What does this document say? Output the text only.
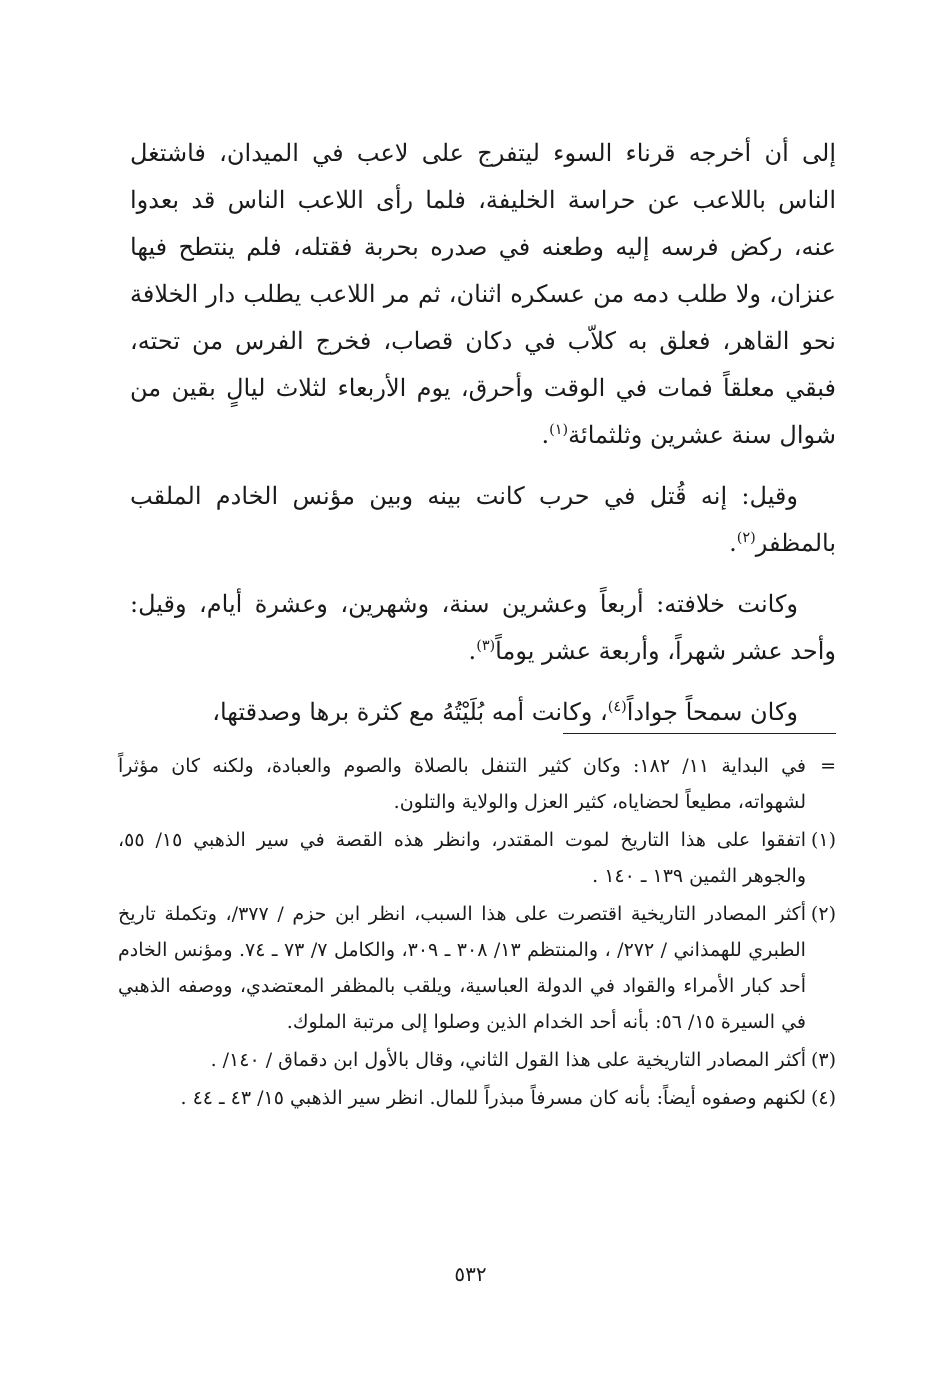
إلى أن أخرجه قرناء السوء ليتفرج على لاعب في الميدان، فاشتغل الناس باللاعب عن حراسة الخليفة، فلما رأى اللاعب الناس قد بعدوا عنه، ركض فرسه إليه وطعنه في صدره بحربة فقتله، فلم ينتطح فيها عنزان، ولا طلب دمه من عسكره اثنان، ثم مر اللاعب يطلب دار الخلافة نحو القاهر، فعلق به كلاّب في دكان قصاب، فخرج الفرس من تحته، فبقي معلقاً فمات في الوقت وأحرق، يوم الأربعاء لثلاث ليالٍ بقين من شوال سنة عشرين وثلثمائة$^{(١)}$.

وقيل: إنه قُتل في حرب كانت بينه وبين مؤنس الخادم الملقب بالمظفر$^{(٢)}$.

وكانت خلافته: أربعاً وعشرين سنة، وشهرين، وعشرة أيام، وقيل: وأحد عشر شهراً، وأربعة عشر يوماً$^{(٣)}$.

وكان سمحاً جواداً$^{(٤)}$، وكانت أمه بُلَيْتُهُ مع كثرة برها وصدقتها،

=في البداية ١١/ ١٨٢: وكان كثير التنفل بالصلاة والصوم والعبادة، ولكنه كان مؤثراً لشهواته، مطيعاً لحضاياه، كثير العزل والولاية والتلون.

(١)اتفقوا على هذا التاريخ لموت المقتدر، وانظر هذه القصة في سير الذهبي ١٥/ ٥٥، والجوهر الثمين ١٣٩ ـ ١٤٠ .

(٢)أكثر المصادر التاريخية اقتصرت على هذا السبب، انظر ابن حزم / ٣٧٧/، وتكملة تاريخ الطبري للهمذاني / ٢٧٢/ ، والمنتظم ١٣/ ٣٠٨ ـ ٣٠٩، والكامل ٧/ ٧٣ ـ ٧٤. ومؤنس الخادم أحد كبار الأمراء والقواد في الدولة العباسية، ويلقب بالمظفر المعتضدي، ووصفه الذهبي في السيرة ١٥/ ٥٦: بأنه أحد الخدام الذين وصلوا إلى مرتبة الملوك.

(٣)أكثر المصادر التاريخية على هذا القول الثاني، وقال بالأول ابن دقماق / ١٤٠/ .

(٤)لكنهم وصفوه أيضاً: بأنه كان مسرفاً مبذراً للمال. انظر سير الذهبي ١٥/ ٤٣ ـ ٤٤ .

٥٣٢
